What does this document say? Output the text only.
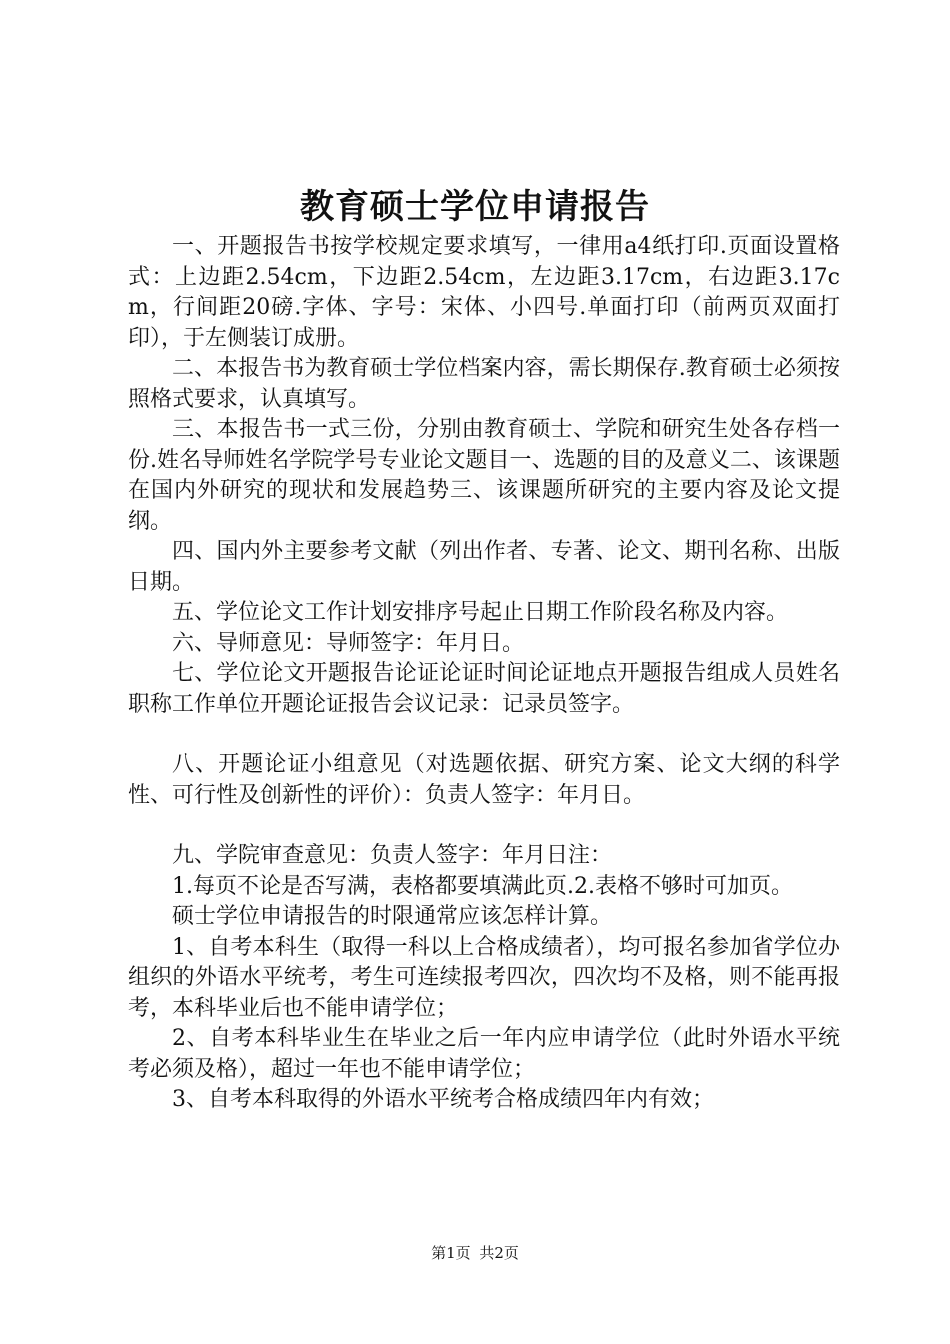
教育硕士学位申请报告

一、开题报告书按学校规定要求填写，一律用a4纸打印.页面设置格式：上边距2.54cm，下边距2.54cm，左边距3.17cm，右边距3.17cm，行间距20磅.字体、字号：宋体、小四号.单面打印（前两页双面打印），于左侧装订成册。

二、本报告书为教育硕士学位档案内容，需长期保存.教育硕士必须按照格式要求，认真填写。

三、本报告书一式三份，分别由教育硕士、学院和研究生处各存档一份.姓名导师姓名学院学号专业论文题目一、选题的目的及意义二、该课题在国内外研究的现状和发展趋势三、该课题所研究的主要内容及论文提纲。

四、国内外主要参考文献（列出作者、专著、论文、期刊名称、出版日期。

五、学位论文工作计划安排序号起止日期工作阶段名称及内容。

六、导师意见：导师签字：年月日。

七、学位论文开题报告论证论证时间论证地点开题报告组成人员姓名职称工作单位开题论证报告会议记录：记录员签字。

八、开题论证小组意见（对选题依据、研究方案、论文大纲的科学性、可行性及创新性的评价）：负责人签字：年月日。

九、学院审查意见：负责人签字：年月日注：

1.每页不论是否写满，表格都要填满此页.2.表格不够时可加页。

硕士学位申请报告的时限通常应该怎样计算。

1、自考本科生（取得一科以上合格成绩者），均可报名参加省学位办组织的外语水平统考，考生可连续报考四次，四次均不及格，则不能再报考，本科毕业后也不能申请学位；

2、自考本科毕业生在毕业之后一年内应申请学位（此时外语水平统考必须及格），超过一年也不能申请学位；

3、自考本科取得的外语水平统考合格成绩四年内有效；

第1页 共2页
